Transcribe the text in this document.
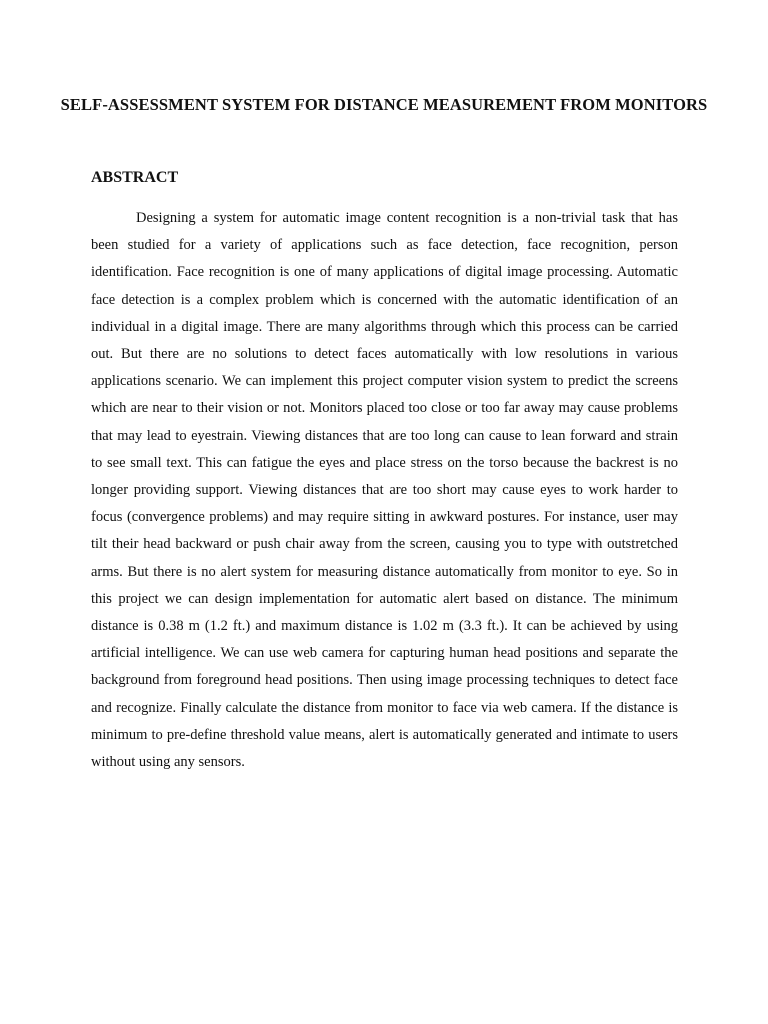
SELF-ASSESSMENT SYSTEM FOR DISTANCE MEASUREMENT FROM MONITORS
ABSTRACT

Designing a system for automatic image content recognition is a non-trivial task that has been studied for a variety of applications such as face detection, face recognition, person identification. Face recognition is one of many applications of digital image processing. Automatic face detection is a complex problem which is concerned with the automatic identification of an individual in a digital image. There are many algorithms through which this process can be carried out. But there are no solutions to detect faces automatically with low resolutions in various applications scenario. We can implement this project computer vision system to predict the screens which are near to their vision or not. Monitors placed too close or too far away may cause problems that may lead to eyestrain. Viewing distances that are too long can cause to lean forward and strain to see small text. This can fatigue the eyes and place stress on the torso because the backrest is no longer providing support. Viewing distances that are too short may cause eyes to work harder to focus (convergence problems) and may require sitting in awkward postures. For instance, user may tilt their head backward or push chair away from the screen, causing you to type with outstretched arms. But there is no alert system for measuring distance automatically from monitor to eye. So in this project we can design implementation for automatic alert based on distance. The minimum distance is 0.38 m (1.2 ft.) and maximum distance is 1.02 m (3.3 ft.). It can be achieved by using artificial intelligence. We can use web camera for capturing human head positions and separate the background from foreground head positions. Then using image processing techniques to detect face and recognize. Finally calculate the distance from monitor to face via web camera. If the distance is minimum to pre-define threshold value means, alert is automatically generated and intimate to users without using any sensors.
